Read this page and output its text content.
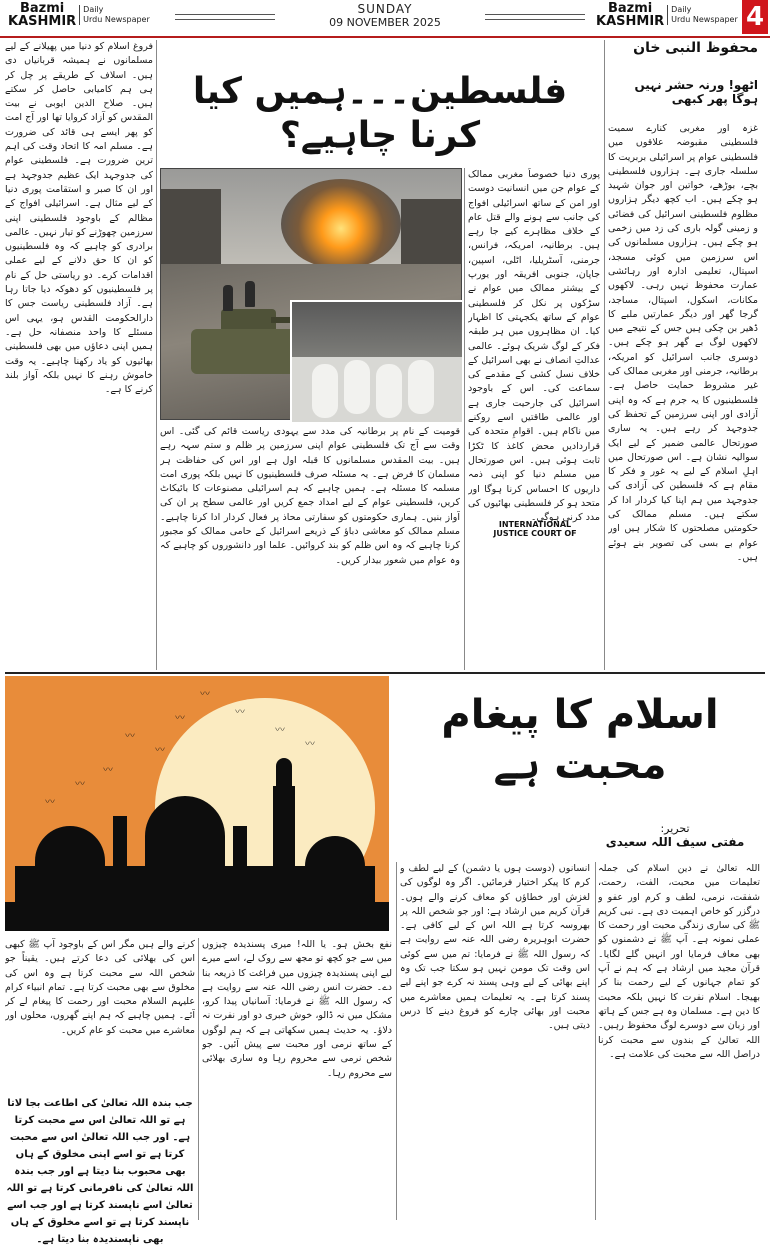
Bazmi
KASHMIR
Daily
Urdu Newspaper
SUNDAY
09 NOVEMBER 2025
Bazmi
KASHMIR
Daily
Urdu Newspaper 4
محفوظ النبی خان
اٹھو! ورنہ حشر نہیں ہوگا پھر کبھی
فلسطین۔۔۔ہمیں کیا کرنا چاہیے؟	غزہ اور مغربی کنارے سمیت فلسطینی مقبوضہ علاقوں میں فلسطینی عوام پر اسرائیلی بربریت کا سلسلہ جاری ہے۔ ہزاروں فلسطینی بچے، بوڑھے، خواتین اور جوان شہید ہو چکے ہیں۔ اب کچھ دیگر ہزاروں مظلوم فلسطینی اسرائیل کی فضائی و زمینی گولہ باری کی زد میں زخمی ہو چکے ہیں۔ ہزاروں مسلمانوں کی اس سرزمین میں کوئی مسجد، اسپتال، تعلیمی ادارہ اور رہائشی عمارت محفوظ نہیں رہی۔ لاکھوں مکانات، اسکول، اسپتال، مساجد، گرجا گھر اور دیگر عمارتیں ملبے کا ڈھیر بن چکی ہیں جس کے نتیجے میں لاکھوں لوگ بے گھر ہو چکے ہیں۔ دوسری جانب اسرائیل کو امریکہ، برطانیہ، جرمنی اور مغربی ممالک کی غیر مشروط حمایت حاصل ہے۔ فلسطینیوں کا یہ جرم ہے کہ وہ اپنی آزادی اور اپنی سرزمین کے تحفظ کی جدوجہد کر رہے ہیں۔ یہ ساری صورتحال عالمی ضمیر کے لیے ایک سوالیہ نشان ہے۔ اس صورتحال میں اہلِ اسلام کے لیے یہ غور و فکر کا مقام ہے کہ فلسطین کی آزادی کی جدوجہد میں ہم اپنا کیا کردار ادا کر سکتے ہیں۔ مسلم ممالک کی حکومتیں مصلحتوں کا شکار ہیں اور عوام بے بسی کی تصویر بنے ہوئے ہیں۔
پوری دنیا خصوصاً مغربی ممالک کے عوام جن میں انسانیت دوست اور امن کے ساتھ اسرائیلی افواج کی جانب سے ہونے والے قتل عام کے خلاف مظاہرے کیے جا رہے ہیں۔ برطانیہ، امریکہ، فرانس، جرمنی، آسٹریلیا، اٹلی، اسپین، جاپان، جنوبی افریقہ اور یورپ کے بیشتر ممالک میں عوام نے سڑکوں پر نکل کر فلسطینی عوام کے ساتھ یکجہتی کا اظہار کیا۔ ان مظاہروں میں ہر طبقہ فکر کے لوگ شریک ہوئے۔ عالمی عدالتِ انصاف نے بھی اسرائیل کے خلاف نسل کشی کے مقدمے کی سماعت کی۔ اس کے باوجود اسرائیل کی جارحیت جاری ہے اور عالمی طاقتیں اسے روکنے میں ناکام ہیں۔ اقوامِ متحدہ کی قراردادیں محض کاغذ کا ٹکڑا ثابت ہوئی ہیں۔ اس صورتحال میں مسلم دنیا کو اپنی ذمہ داریوں کا احساس کرنا ہوگا اور متحد ہو کر فلسطینی بھائیوں کی مدد کرنی ہوگی۔
INTERNATIONAL JUSTICE COURT OF
قومیت کے نام پر برطانیہ کی مدد سے یہودی ریاست قائم کی گئی۔ اس وقت سے آج تک فلسطینی عوام اپنی سرزمین پر ظلم و ستم سہہ رہے ہیں۔ بیت المقدس مسلمانوں کا قبلہ اول ہے اور اس کی حفاظت ہر مسلمان کا فرض ہے۔ یہ مسئلہ صرف فلسطینیوں کا نہیں بلکہ پوری امت مسلمہ کا مسئلہ ہے۔ ہمیں چاہیے کہ ہم اسرائیلی مصنوعات کا بائیکاٹ کریں، فلسطینی عوام کے لیے امداد جمع کریں اور عالمی سطح پر ان کی آواز بنیں۔ ہماری حکومتوں کو سفارتی محاذ پر فعال کردار ادا کرنا چاہیے۔ مسلم ممالک کو معاشی دباؤ کے ذریعے اسرائیل کے حامی ممالک کو مجبور کرنا چاہیے کہ وہ اس ظلم کو بند کروائیں۔ علما اور دانشوروں کو چاہیے کہ وہ عوام میں شعور بیدار کریں۔
فروغ اسلام کو دنیا میں پھیلانے کے لیے مسلمانوں نے ہمیشہ قربانیاں دی ہیں۔ اسلاف کے طریقے پر چل کر ہی ہم کامیابی حاصل کر سکتے ہیں۔ صلاح الدین ایوبی نے بیت المقدس کو آزاد کروایا تھا اور آج امت کو پھر ایسے ہی قائد کی ضرورت ہے۔ مسلم امہ کا اتحاد وقت کی اہم ترین ضرورت ہے۔ فلسطینی عوام کی جدوجہد ایک عظیم جدوجہد ہے اور ان کا صبر و استقامت پوری دنیا کے لیے مثال ہے۔ اسرائیلی افواج کے مظالم کے باوجود فلسطینی اپنی سرزمین چھوڑنے کو تیار نہیں۔ عالمی برادری کو چاہیے کہ وہ فلسطینیوں کو ان کا حق دلانے کے لیے عملی اقدامات کرے۔ دو ریاستی حل کے نام پر فلسطینیوں کو دھوکہ دیا جاتا رہا ہے۔ آزاد فلسطینی ریاست جس کا دارالحکومت القدس ہو، یہی اس مسئلے کا واحد منصفانہ حل ہے۔ ہمیں اپنی دعاؤں میں بھی فلسطینی بھائیوں کو یاد رکھنا چاہیے۔ یہ وقت خاموش رہنے کا نہیں بلکہ آواز بلند کرنے کا ہے۔
〰
〰
〰
〰
〰
〰
〰
〰
〰
〰
اسلام کا پیغام محبت ہے
تحریر:
مفتی سیف اللہ سعیدی
اللہ تعالیٰ نے دین اسلام کی جملہ تعلیمات میں محبت، الفت، رحمت، شفقت، نرمی، لطف و کرم اور عفو و درگزر کو خاص اہمیت دی ہے۔ نبی کریم ﷺ کی ساری زندگی محبت اور رحمت کا عملی نمونہ ہے۔ آپ ﷺ نے دشمنوں کو بھی معاف فرمایا اور انہیں گلے لگایا۔ قرآن مجید میں ارشاد ہے کہ ہم نے آپ کو تمام جہانوں کے لیے رحمت بنا کر بھیجا۔ اسلام نفرت کا نہیں بلکہ محبت کا دین ہے۔ مسلمان وہ ہے جس کے ہاتھ اور زبان سے دوسرے لوگ محفوظ رہیں۔ اللہ تعالیٰ کے بندوں سے محبت کرنا دراصل اللہ سے محبت کی علامت ہے۔
انسانوں (دوست ہوں یا دشمن) کے لیے لطف و کرم کا پیکر اختیار فرمائیں۔ اگر وہ لوگوں کی لغزش اور خطاؤں کو معاف کرنے والے ہوں۔ قرآن کریم میں ارشاد ہے: اور جو شخص اللہ پر بھروسہ کرتا ہے اللہ اس کے لیے کافی ہے۔ حضرت ابوہریرہ رضی اللہ عنہ سے روایت ہے کہ رسول اللہ ﷺ نے فرمایا: تم میں سے کوئی اس وقت تک مومن نہیں ہو سکتا جب تک وہ اپنے بھائی کے لیے وہی پسند نہ کرے جو اپنے لیے پسند کرتا ہے۔ یہ تعلیمات ہمیں معاشرے میں محبت اور بھائی چارے کو فروغ دینے کا درس دیتی ہیں۔
نفع بخش ہو۔ یا اللہ! میری پسندیدہ چیزوں میں سے جو کچھ تو مجھ سے روک لے، اسے میرے لیے اپنی پسندیدہ چیزوں میں فراغت کا ذریعہ بنا دے۔ حضرت انس رضی اللہ عنہ سے روایت ہے کہ رسول اللہ ﷺ نے فرمایا: آسانیاں پیدا کرو، مشکل میں نہ ڈالو، خوش خبری دو اور نفرت نہ دلاؤ۔ یہ حدیث ہمیں سکھاتی ہے کہ ہم لوگوں کے ساتھ نرمی اور محبت سے پیش آئیں۔ جو شخص نرمی سے محروم رہا وہ ساری بھلائی سے محروم رہا۔
کرنے والے ہیں مگر اس کے باوجود آپ ﷺ کبھی اس کی بھلائی کی دعا کرتے ہیں۔ یقیناً جو شخص اللہ سے محبت کرتا ہے وہ اس کی مخلوق سے بھی محبت کرتا ہے۔ تمام انبیاء کرام علیہم السلام محبت اور رحمت کا پیغام لے کر آئے۔ ہمیں چاہیے کہ ہم اپنے گھروں، محلوں اور معاشرے میں محبت کو عام کریں۔
جب بندہ اللہ تعالیٰ کی اطاعت بجا لاتا ہے تو اللہ تعالیٰ اس سے محبت کرتا ہے۔ اور جب اللہ تعالیٰ اس سے محبت کرتا ہے تو اسے اپنی مخلوق کے ہاں بھی محبوب بنا دیتا ہے اور جب بندہ اللہ تعالیٰ کی نافرمانی کرتا ہے تو اللہ تعالیٰ اسے ناپسند کرتا ہے اور جب اسے ناپسند کرتا ہے تو اسے مخلوق کے ہاں بھی ناپسندیدہ بنا دیتا ہے۔
